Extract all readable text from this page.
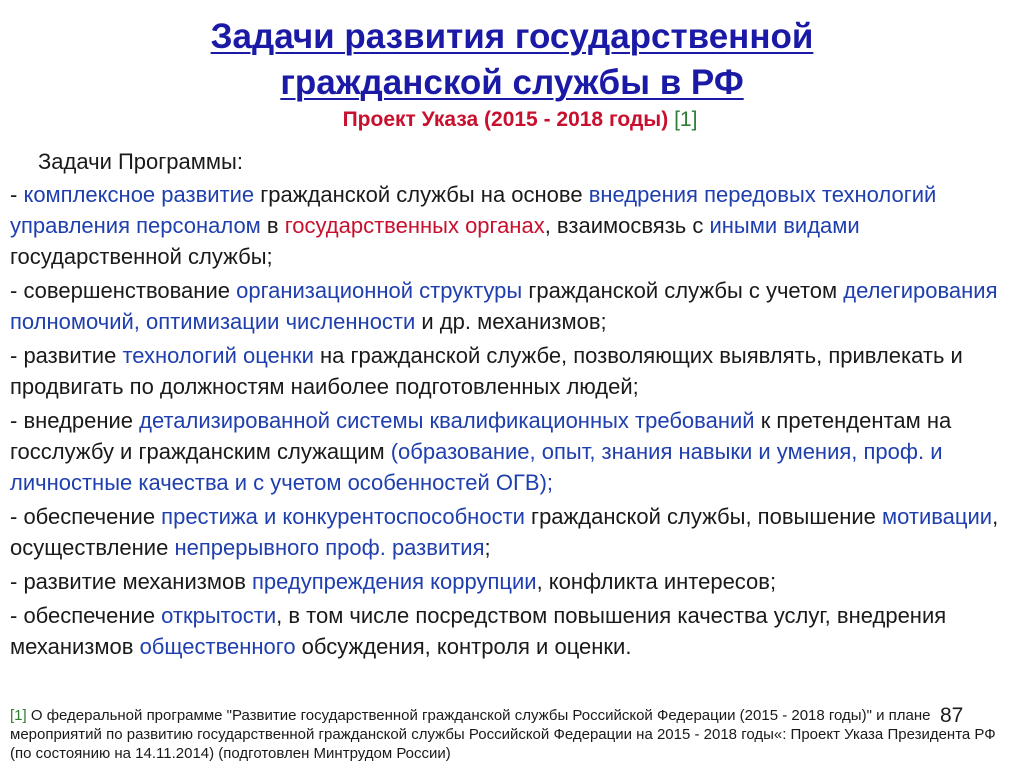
Задачи развития государственной
гражданской службы в РФ
Проект Указа (2015 - 2018 годы) [1]
Задачи Программы:
- комплексное развитие гражданской службы на основе внедрения передовых технологий управления персоналом в государственных органах, взаимосвязь с иными видами государственной службы;
- совершенствование организационной структуры гражданской службы с учетом делегирования полномочий, оптимизации численности и др. механизмов;
- развитие технологий оценки на гражданской службе, позволяющих выявлять, привлекать и продвигать по должностям наиболее подготовленных людей;
- внедрение детализированной системы квалификационных требований к претендентам на госслужбу и гражданским служащим (образование, опыт, знания навыки и умения, проф. и личностные качества и с учетом особенностей ОГВ);
- обеспечение престижа и конкурентоспособности гражданской службы, повышение мотивации, осуществление непрерывного проф. развития;
- развитие механизмов предупреждения коррупции, конфликта интересов;
- обеспечение открытости, в том числе посредством повышения качества услуг, внедрения механизмов общественного обсуждения, контроля и оценки.
[1] О федеральной программе "Развитие государственной гражданской службы Российской Федерации (2015 - 2018 годы)" и плане мероприятий по развитию государственной гражданской службы Российской Федерации на 2015 - 2018 годы«: Проект Указа Президента РФ (по состоянию на 14.11.2014) (подготовлен Минтрудом России)
87
